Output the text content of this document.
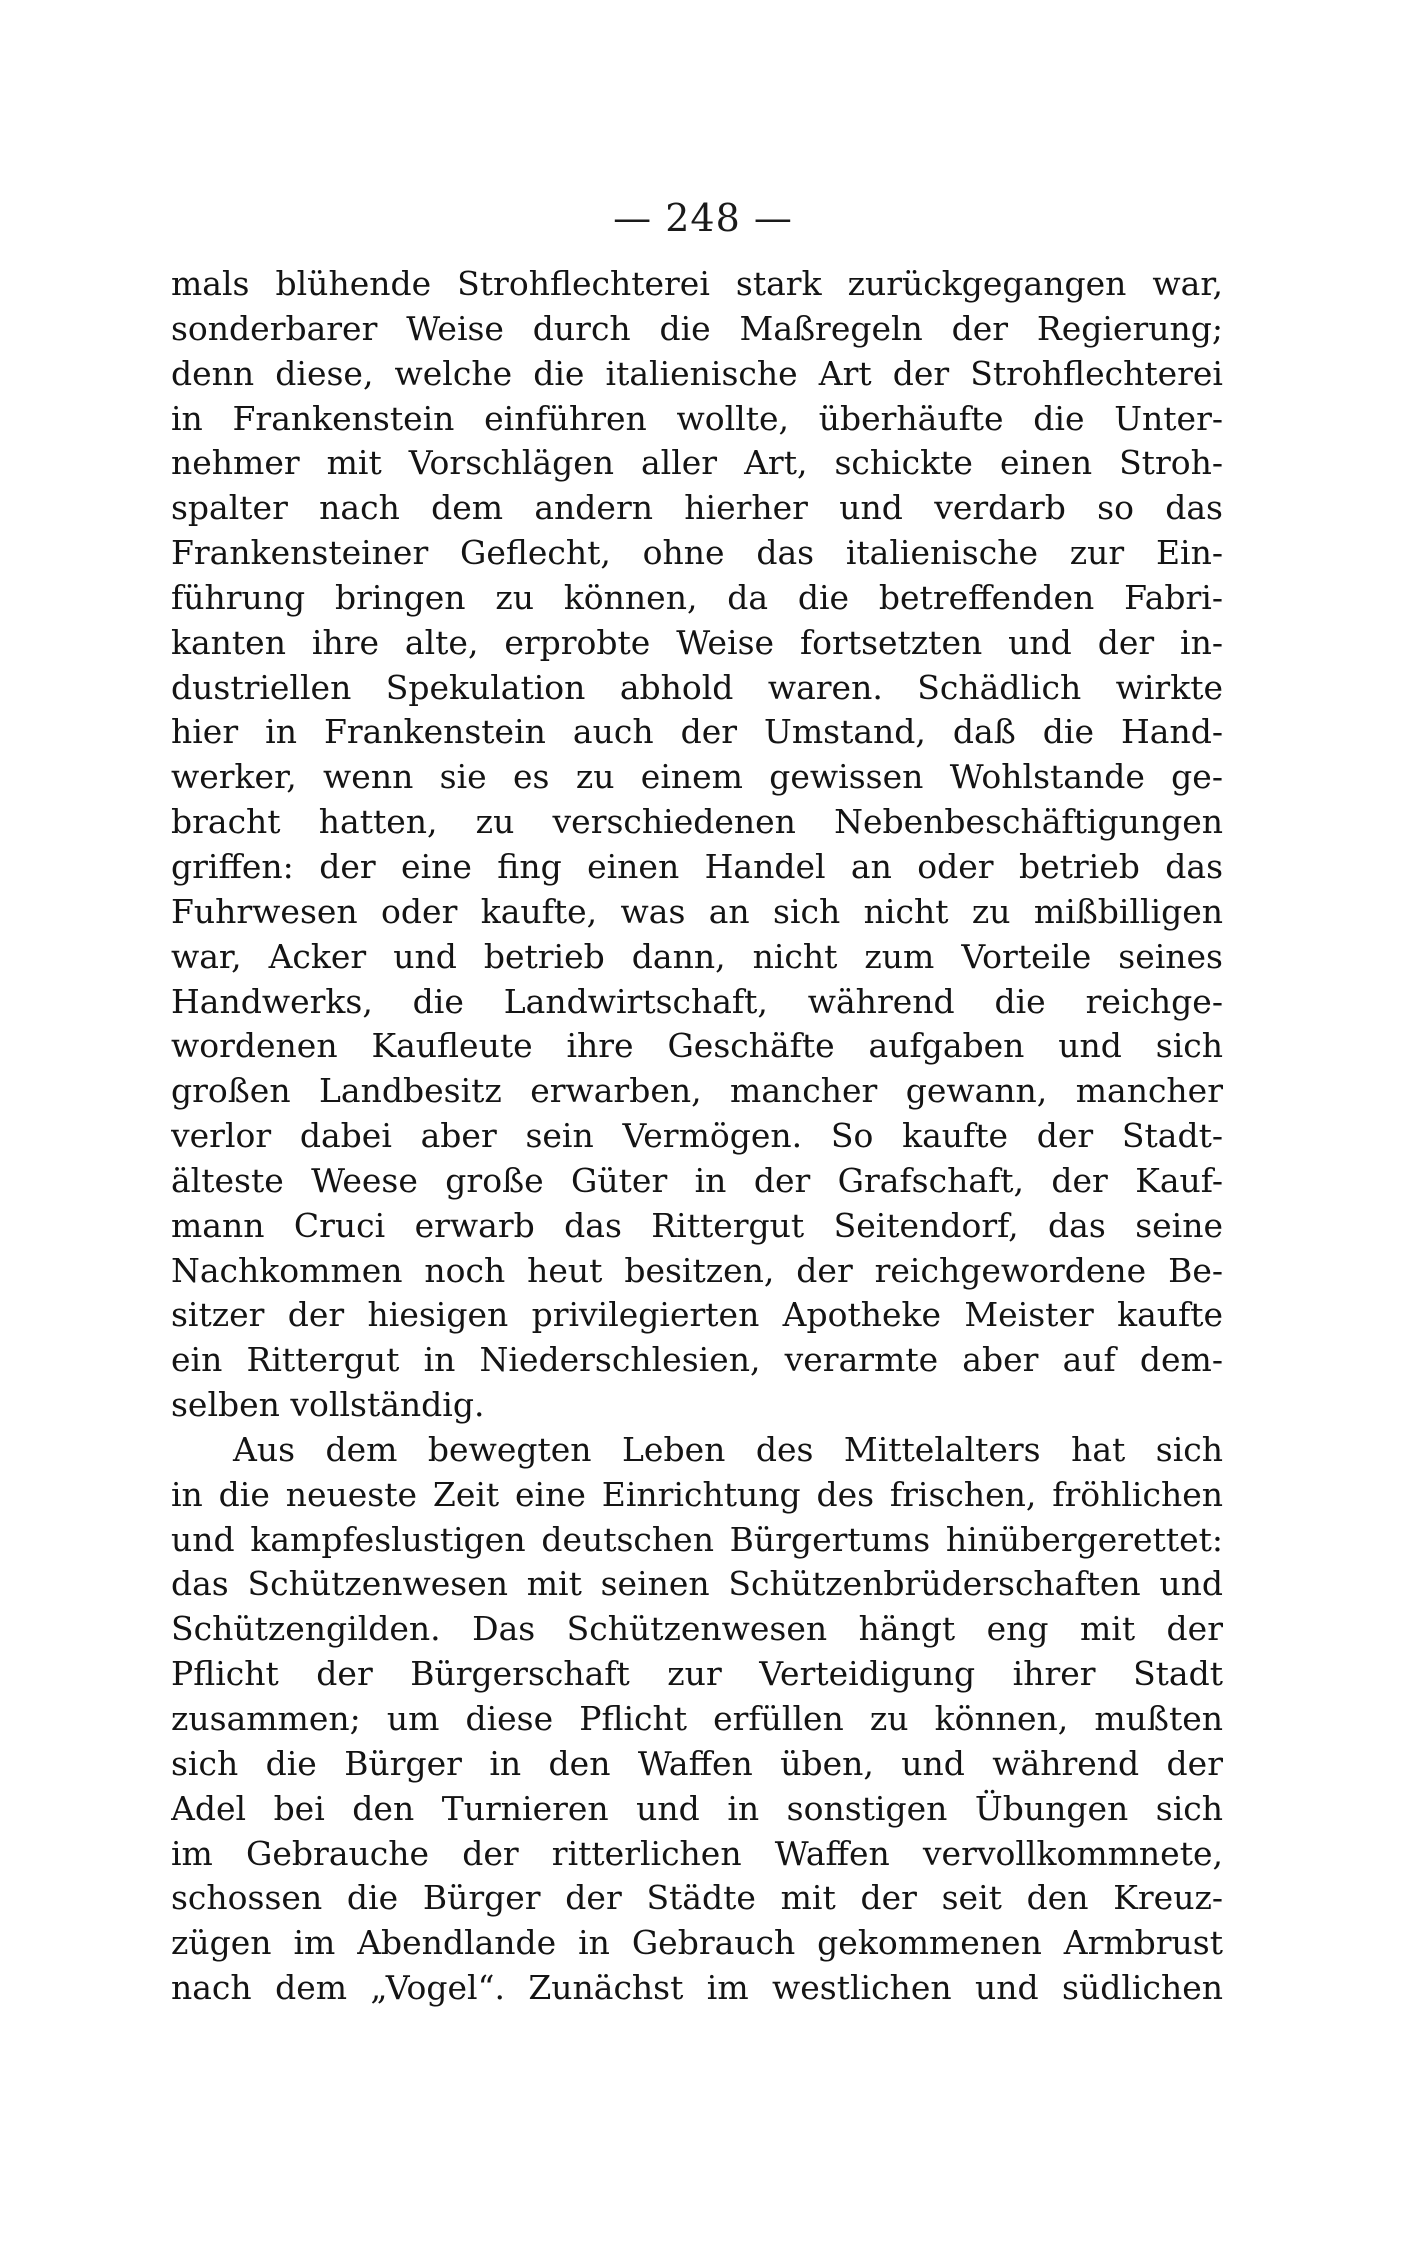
— 248 —
mals blühende Strohflechterei stark zurückgegangen war,
sonderbarer Weise durch die Maßregeln der Regierung;
denn diese, welche die italienische Art der Strohflechterei
in Frankenstein einführen wollte, überhäufte die Unter-
nehmer mit Vorschlägen aller Art, schickte einen Stroh-
spalter nach dem andern hierher und verdarb so das
Frankensteiner Geflecht, ohne das italienische zur Ein-
führung bringen zu können, da die betreffenden Fabri-
kanten ihre alte, erprobte Weise fortsetzten und der in-
dustriellen Spekulation abhold waren. Schädlich wirkte
hier in Frankenstein auch der Umstand, daß die Hand-
werker, wenn sie es zu einem gewissen Wohlstande ge-
bracht hatten, zu verschiedenen Nebenbeschäftigungen
griffen: der eine fing einen Handel an oder betrieb das
Fuhrwesen oder kaufte, was an sich nicht zu mißbilligen
war, Acker und betrieb dann, nicht zum Vorteile seines
Handwerks, die Landwirtschaft, während die reichge-
wordenen Kaufleute ihre Geschäfte aufgaben und sich
großen Landbesitz erwarben, mancher gewann, mancher
verlor dabei aber sein Vermögen. So kaufte der Stadt-
älteste Weese große Güter in der Grafschaft, der Kauf-
mann Cruci erwarb das Rittergut Seitendorf, das seine
Nachkommen noch heut besitzen, der reichgewordene Be-
sitzer der hiesigen privilegierten Apotheke Meister kaufte
ein Rittergut in Niederschlesien, verarmte aber auf dem-
selben vollständig.
Aus dem bewegten Leben des Mittelalters hat sich
in die neueste Zeit eine Einrichtung des frischen, fröhlichen
und kampfeslustigen deutschen Bürgertums hinübergerettet:
das Schützenwesen mit seinen Schützenbrüderschaften und
Schützengilden. Das Schützenwesen hängt eng mit der
Pflicht der Bürgerschaft zur Verteidigung ihrer Stadt
zusammen; um diese Pflicht erfüllen zu können, mußten
sich die Bürger in den Waffen üben, und während der
Adel bei den Turnieren und in sonstigen Übungen sich
im Gebrauche der ritterlichen Waffen vervollkommnete,
schossen die Bürger der Städte mit der seit den Kreuz-
zügen im Abendlande in Gebrauch gekommenen Armbrust
nach dem „Vogel“. Zunächst im westlichen und südlichen
